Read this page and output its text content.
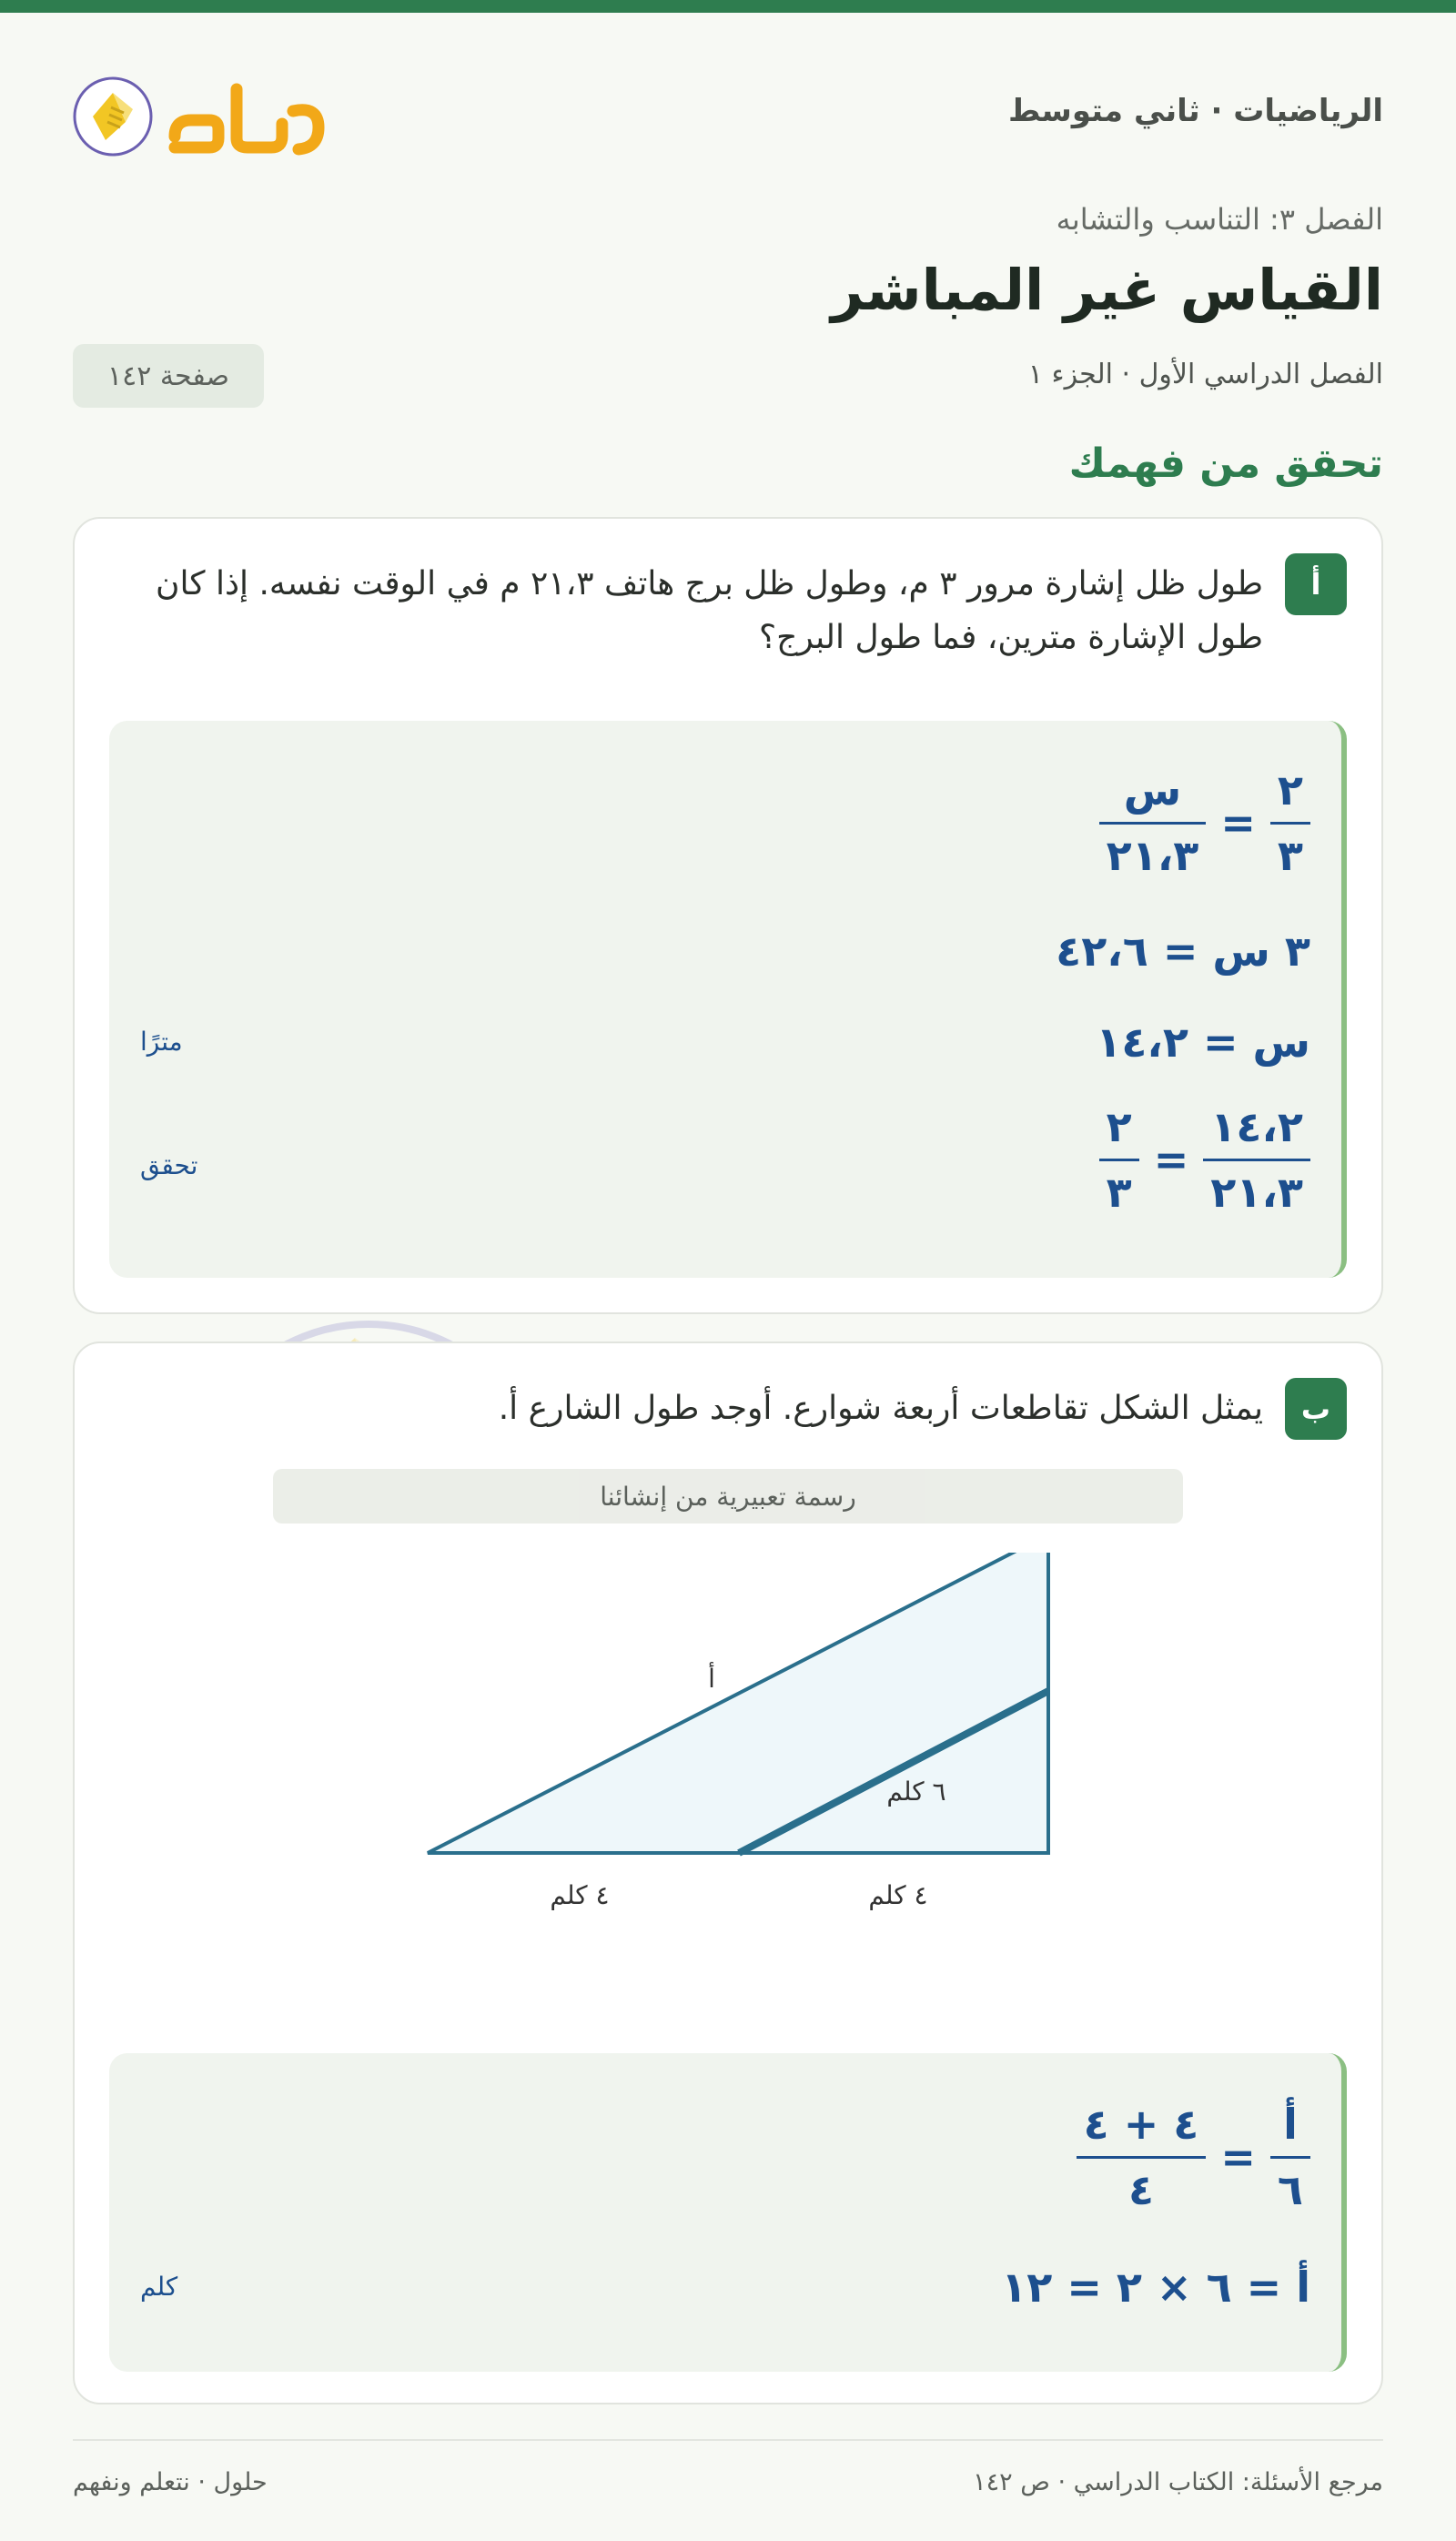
الرياضيات · ثاني متوسط
الفصل ٣: التناسب والتشابه
القياس غير المباشر
الفصل الدراسي الأول · الجزء ١
صفحة ١٤٢
تحقق من فهمك
أ
طول ظل إشارة مرور ٣ م، وطول ظل برج هاتف ٢١،٣ م في الوقت نفسه. إذا كان طول الإشارة مترين، فما طول البرج؟
$\frac{٢}{٣}$
=
$\frac{\text{س}}{٢١،٣}$
٣ س = ٤٢،٦
س = ١٤،٢
مترًا
$\frac{١٤،٢}{٢١،٣}$
=
$\frac{٢}{٣}$
تحقق
ب
يمثل الشكل تقاطعات أربعة شوارع. أوجد طول الشارع أ.
رسمة تعبيرية من إنشائنا
أ
٦ كلم
٤ كلم	٤ كلم
$\frac{\text{أ}}{٦}$
=
$\frac{٤ + ٤}{٤}$
أ = ٦ × ٢ = ١٢
كلم
مرجع الأسئلة: الكتاب الدراسي · ص ١٤٢
حلول · نتعلم ونفهم
